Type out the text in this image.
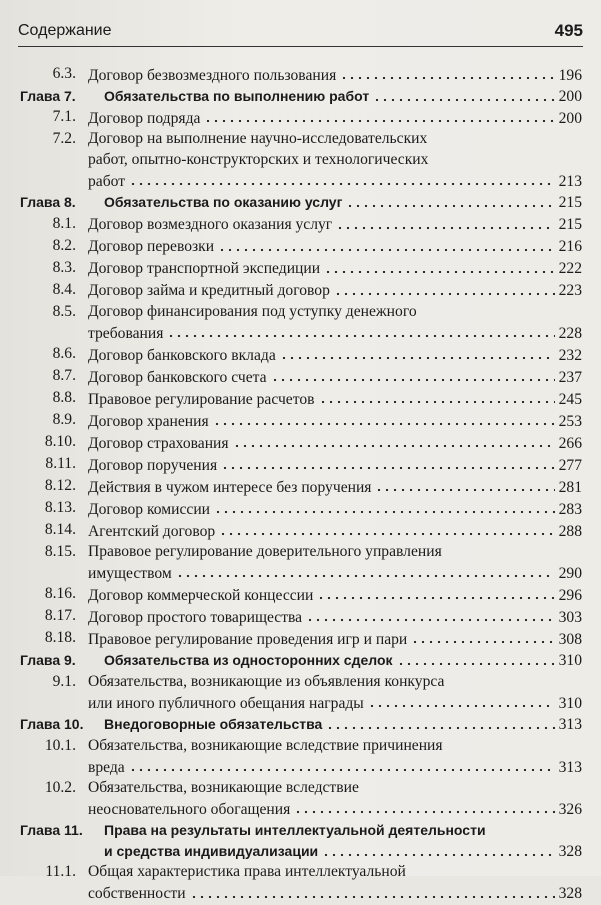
Содержание	495
6.3. Договор безвозмездного пользования	196
Глава 7.	Обязательства по выполнению работ	200
7.1. Договор подряда	200
7.2. Договор на выполнение научно-исследовательских
работ, опытно-конструкторских и технологических
работ	213
Глава 8.	Обязательства по оказанию услуг	215
8.1. Договор возмездного оказания услуг	215
8.2. Договор перевозки	216
8.3. Договор транспортной экспедиции	222
8.4. Договор займа и кредитный договор	223
8.5. Договор финансирования под уступку денежного
требования	228
8.6. Договор банковского вклада	232
8.7. Договор банковского счета	237
8.8. Правовое регулирование расчетов	245
8.9. Договор хранения	253
8.10. Договор страхования	266
8.11. Договор поручения	277
8.12. Действия в чужом интересе без поручения	281
8.13. Договор комиссии	283
8.14. Агентский договор	288
8.15. Правовое регулирование доверительного управления
имуществом	290
8.16. Договор коммерческой концессии	296
8.17. Договор простого товарищества	303
8.18. Правовое регулирование проведения игр и пари	308
Глава 9.	Обязательства из односторонних сделок	310
9.1. Обязательства, возникающие из объявления конкурса
или иного публичного обещания награды	310
Глава 10.	Внедоговорные обязательства	313
10.1. Обязательства, возникающие вследствие причинения
вреда	313
10.2. Обязательства, возникающие вследствие
неосновательного обогащения	326
Глава 11.	Права на результаты интеллектуальной деятельности
и средства индивидуализации	328
11.1. Общая характеристика права интеллектуальной
собственности	328
